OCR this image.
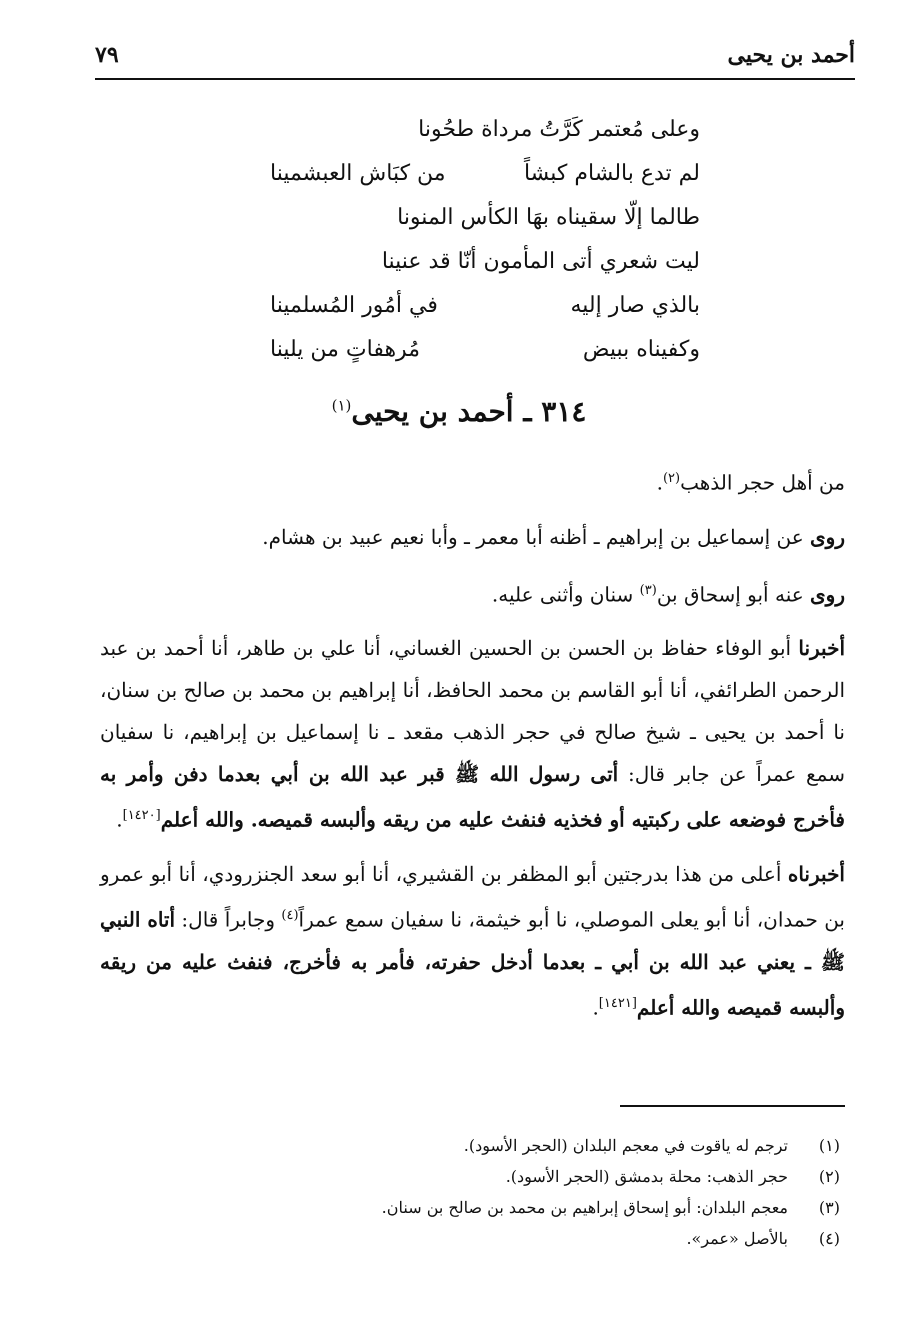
أحمد بن يحيى
٧٩
وعلى مُعتمر كَرَّتُ مرداة طحُونا
لم تدع بالشام كبشاً
من كبَاش العبشمينا
طالما إلّا سقيناه بهَا الكأس المنونا
ليت شعري أتى المأمون أنّا قد عنينا
بالذي صار إليه
في أمُور المُسلمينا
وكفيناه ببيض
مُرهفاتٍ من يلينا
٣١٤ ـ أحمد بن يحيى$^{(١)}$

من أهل حجر الذهب$^{(٢)}$.

روى عن إسماعيل بن إبراهيم ـ أظنه أبا معمر ـ وأبا نعيم عبيد بن هشام.

روى عنه أبو إسحاق بن$^{(٣)}$ سنان وأثنى عليه.

أخبرنا أبو الوفاء حفاظ بن الحسن بن الحسين الغساني، أنا علي بن طاهر، أنا أحمد بن عبد الرحمن الطرائفي، أنا أبو القاسم بن محمد الحافظ، أنا إبراهيم بن محمد بن صالح بن سنان، نا أحمد بن يحيى ـ شيخ صالح في حجر الذهب مقعد ـ نا إسماعيل بن إبراهيم، نا سفيان سمع عمراً عن جابر قال: أتى رسول الله ﷺ قبر عبد الله بن أبي بعدما دفن وأمر به فأخرج فوضعه على ركبتيه أو فخذيه فنفث عليه من ريقه وألبسه قميصه. والله أعلم[١٤٢٠].

أخبرناه أعلى من هذا بدرجتين أبو المظفر بن القشيري، أنا أبو سعد الجنزرودي، أنا أبو عمرو بن حمدان، أنا أبو يعلى الموصلي، نا أبو خيثمة، نا سفيان سمع عمراً$^{(٤)}$ وجابراً قال: أتاه النبي ﷺ ـ يعني عبد الله بن أبي ـ بعدما أدخل حفرته، فأمر به فأخرج، فنفث عليه من ريقه وألبسه قميصه والله أعلم[١٤٢١].

(١)
ترجم له ياقوت في معجم البلدان (الحجر الأسود).
(٢)
حجر الذهب: محلة بدمشق (الحجر الأسود).
(٣)
معجم البلدان: أبو إسحاق إبراهيم بن محمد بن صالح بن سنان.
(٤)
بالأصل «عمر».
